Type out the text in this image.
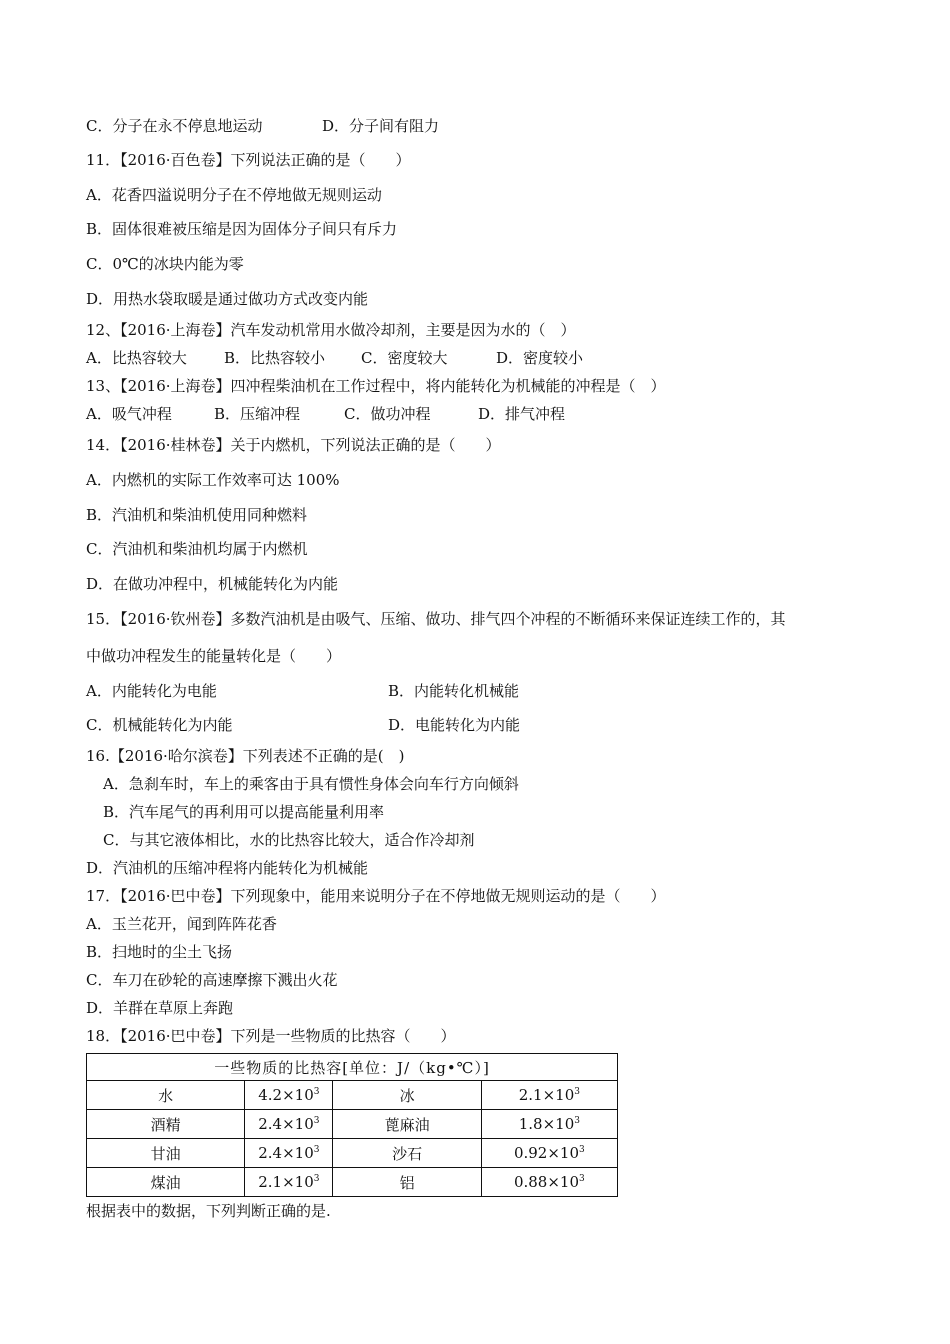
C．分子在永不停息地运动	D．分子间有阻力
11．【2016·百色卷】下列说法正确的是（　　）
A．花香四溢说明分子在不停地做无规则运动
B．固体很难被压缩是因为固体分子间只有斥力
C．0℃的冰块内能为零
D．用热水袋取暖是通过做功方式改变内能
12、【2016·上海卷】汽车发动机常用水做冷却剂，主要是因为水的（　）
A．比热容较大 B．比热容较小 C．密度较大	D．密度较小
13、【2016·上海卷】四冲程柴油机在工作过程中，将内能转化为机械能的冲程是（　）
A．吸气冲程	B．压缩冲程	C．做功冲程	D．排气冲程
14．【2016·桂林卷】关于内燃机，下列说法正确的是（　　）
A．内燃机的实际工作效率可达 100%
B．汽油机和柴油机使用同种燃料
C．汽油机和柴油机均属于内燃机
D．在做功冲程中，机械能转化为内能
15．【2016·钦州卷】多数汽油机是由吸气、压缩、做功、排气四个冲程的不断循环来保证连续工作的，其
中做功冲程发生的能量转化是（　　）
A．内能转化为电能	B．内能转化机械能
C．机械能转化为内能	D．电能转化为内能
16.【2016·哈尔滨卷】下列表述不正确的是(　)
A．急刹车时，车上的乘客由于具有惯性身体会向车行方向倾斜
B．汽车尾气的再利用可以提高能量利用率
C．与其它液体相比，水的比热容比较大，适合作冷却剂
D．汽油机的压缩冲程将内能转化为机械能
17．【2016·巴中卷】下列现象中，能用来说明分子在不停地做无规则运动的是（　　）
A．玉兰花开，闻到阵阵花香
B．扫地时的尘土飞扬
C．车刀在砂轮的高速摩擦下溅出火花
D．羊群在草原上奔跑
18．【2016·巴中卷】下列是一些物质的比热容（　　）
一些物质的比热容[单位：J/（kg•℃）]			
水	$4.2\times 10^3$	冰	$2.1\times 10^3$
酒精	$2.4\times 10^3$	蓖麻油	$1.8\times 10^3$
甘油	$2.4\times 10^3$	沙石	$0.92\times 10^3$
煤油	$2.1\times 10^3$	铝	$0.88\times 10^3$
根据表中的数据，下列判断正确的是.
